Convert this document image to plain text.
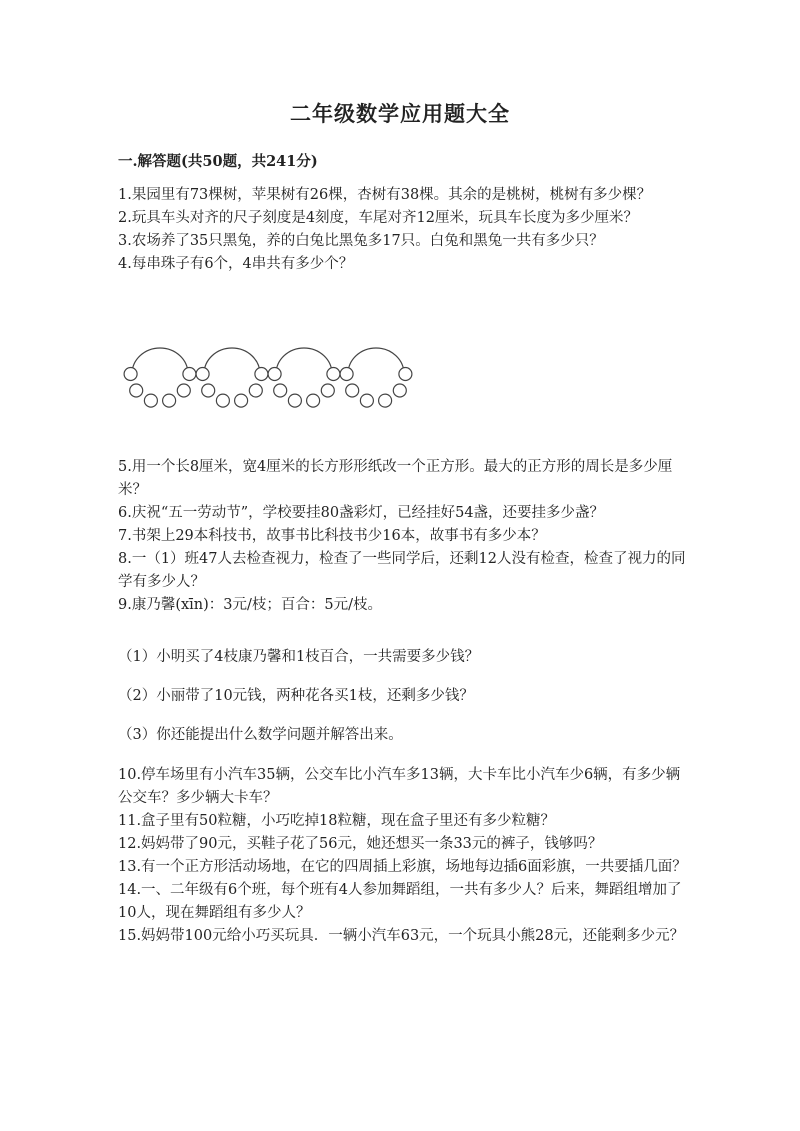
二年级数学应用题大全
一.解答题(共50题，共241分)

1.果园里有73棵树，苹果树有26棵，杏树有38棵。其余的是桃树，桃树有多少棵？

2.玩具车头对齐的尺子刻度是4刻度，车尾对齐12厘米，玩具车长度为多少厘米？

3.农场养了35只黑兔，养的白兔比黑兔多17只。白兔和黑兔一共有多少只？

4.每串珠子有6个，4串共有多少个？

5.用一个长8厘米，宽4厘米的长方形形纸改一个正方形。最大的正方形的周长是多少厘米？

6.庆祝“五一劳动节”，学校要挂80盏彩灯，已经挂好54盏，还要挂多少盏？

7.书架上29本科技书，故事书比科技书少16本，故事书有多少本？

8.一（1）班47人去检查视力，检查了一些同学后，还剩12人没有检查，检查了视力的同学有多少人？

9.康乃馨(xīn)：3元/枝；百合：5元/枝。

（1）小明买了4枝康乃馨和1枝百合，一共需要多少钱？

（2）小丽带了10元钱，两种花各买1枝，还剩多少钱？

（3）你还能提出什么数学问题并解答出来。

10.停车场里有小汽车35辆，公交车比小汽车多13辆，大卡车比小汽车少6辆，有多少辆公交车？多少辆大卡车？

11.盒子里有50粒糖，小巧吃掉18粒糖，现在盒子里还有多少粒糖？

12.妈妈带了90元，买鞋子花了56元，她还想买一条33元的裤子，钱够吗？

13.有一个正方形活动场地，在它的四周插上彩旗，场地每边插6面彩旗，一共要插几面？

14.一、二年级有6个班，每个班有4人参加舞蹈组，一共有多少人？后来，舞蹈组增加了10人，现在舞蹈组有多少人？

15.妈妈带100元给小巧买玩具．一辆小汽车63元，一个玩具小熊28元，还能剩多少元？
